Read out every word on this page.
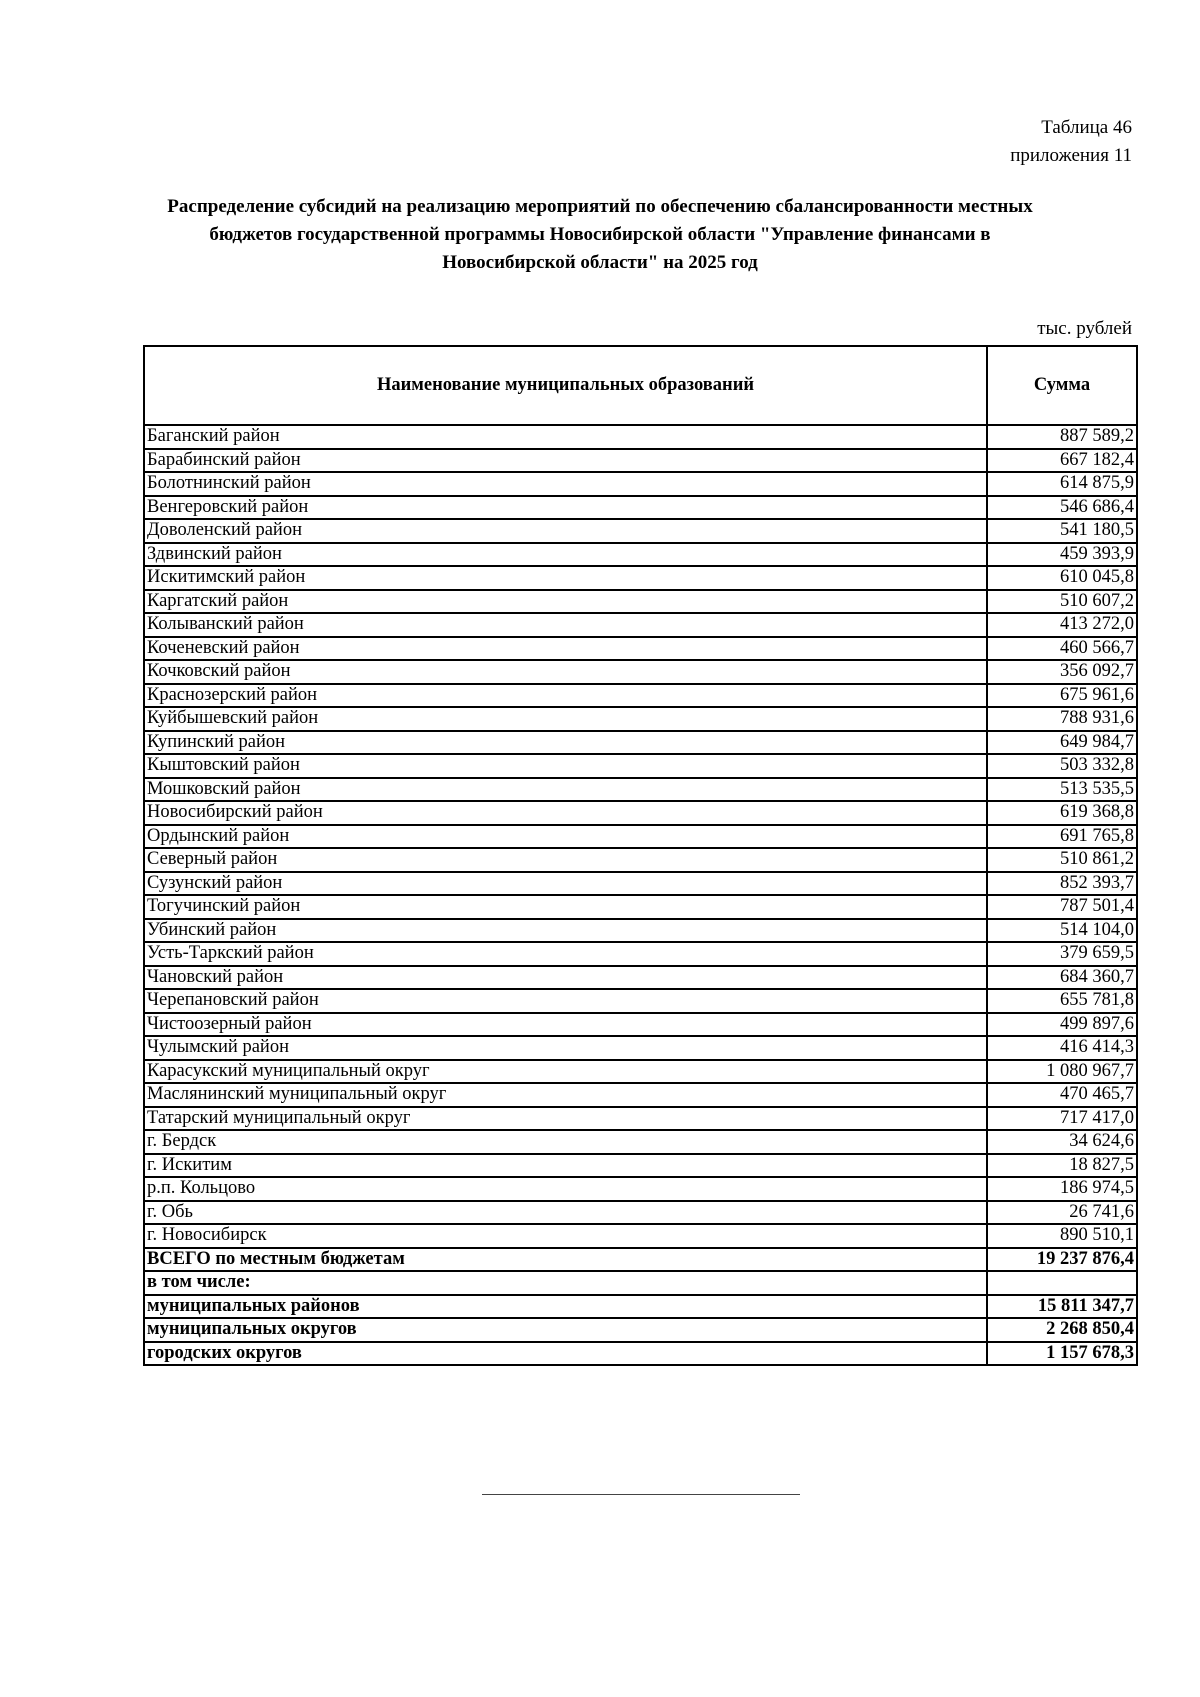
Таблица 46
приложения 11
Распределение субсидий на реализацию мероприятий по обеспечению сбалансированности местных бюджетов государственной программы Новосибирской области "Управление финансами в Новосибирской области" на 2025 год
тыс. рублей
Наименование муниципальных образований	Сумма
Баганский район	887 589,2
Барабинский район	667 182,4
Болотнинский район	614 875,9
Венгеровский район	546 686,4
Доволенский район	541 180,5
Здвинский район	459 393,9
Искитимский район	610 045,8
Каргатский район	510 607,2
Колыванский район	413 272,0
Коченевский район	460 566,7
Кочковский район	356 092,7
Краснозерский район	675 961,6
Куйбышевский район	788 931,6
Купинский район	649 984,7
Кыштовский район	503 332,8
Мошковский район	513 535,5
Новосибирский район	619 368,8
Ордынский район	691 765,8
Северный район	510 861,2
Сузунский район	852 393,7
Тогучинский район	787 501,4
Убинский район	514 104,0
Усть-Таркский район	379 659,5
Чановский район	684 360,7
Черепановский район	655 781,8
Чистоозерный район	499 897,6
Чулымский район	416 414,3
Карасукский муниципальный округ	1 080 967,7
Маслянинский муниципальный округ	470 465,7
Татарский муниципальный округ	717 417,0
г. Бердск	34 624,6
г. Искитим	18 827,5
р.п. Кольцово	186 974,5
г. Обь	26 741,6
г. Новосибирск	890 510,1
ВСЕГО по местным бюджетам	19 237 876,4
в том числе:	
муниципальных районов	15 811 347,7
муниципальных округов	2 268 850,4
городских округов	1 157 678,3
